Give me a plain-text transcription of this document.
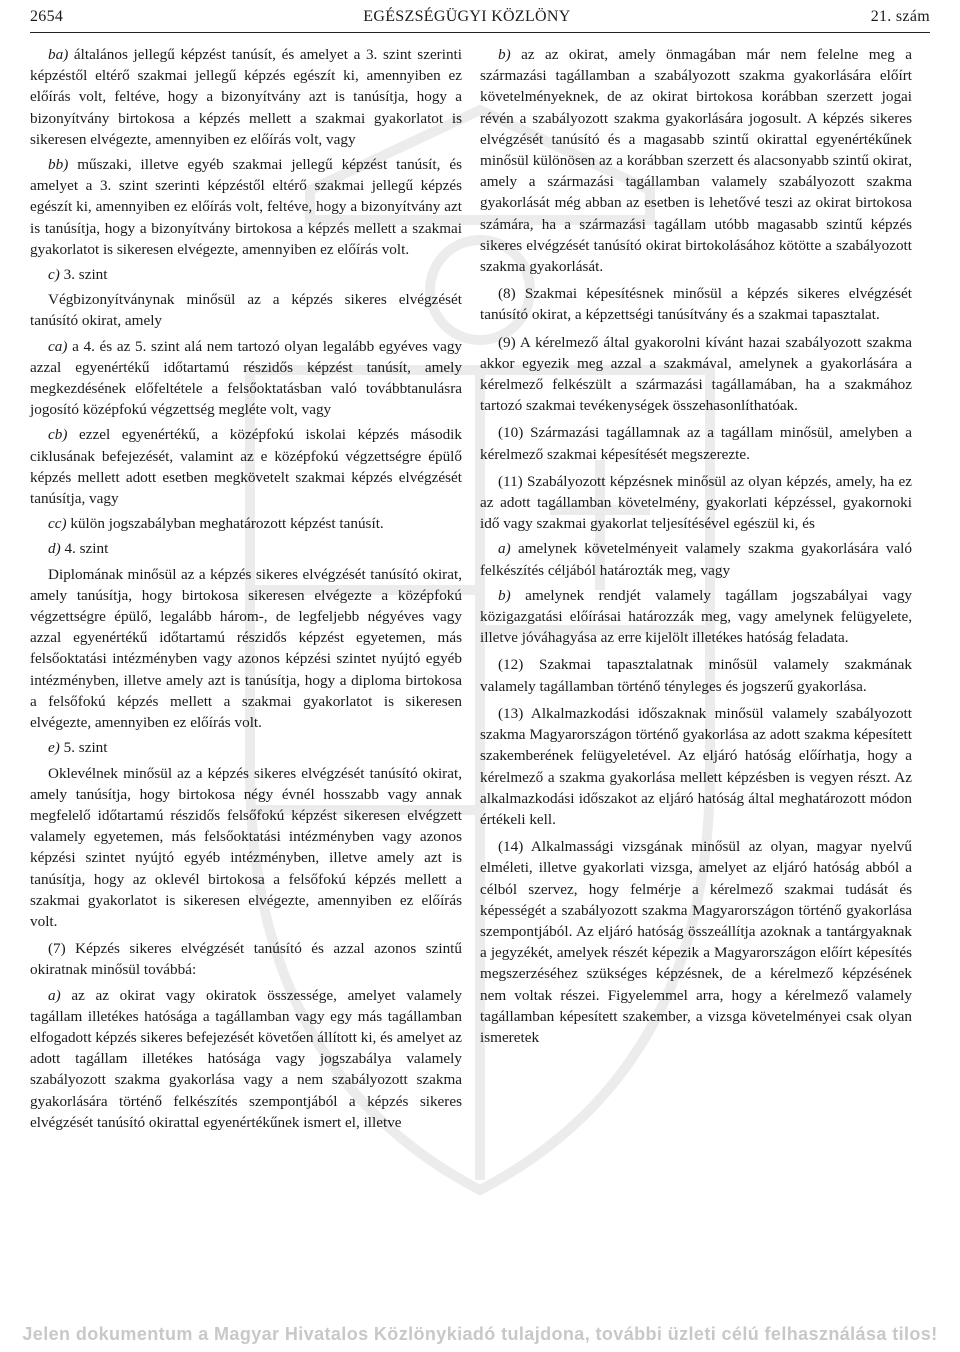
2654	EGÉSZSÉGÜGYI KÖZLÖNY	21. szám

ba) általános jellegű képzést tanúsít, és amelyet a 3. szint szerinti képzéstől eltérő szakmai jellegű képzés egészít ki, amennyiben ez előírás volt, feltéve, hogy a bizonyítvány azt is tanúsítja, hogy a bizonyítvány birtokosa a képzés mellett a szakmai gyakorlatot is sikeresen elvégezte, amennyiben ez előírás volt, vagy

bb) műszaki, illetve egyéb szakmai jellegű képzést tanúsít, és amelyet a 3. szint szerinti képzéstől eltérő szakmai jellegű képzés egészít ki, amennyiben ez előírás volt, feltéve, hogy a bizonyítvány azt is tanúsítja, hogy a bizonyítvány birtokosa a képzés mellett a szakmai gyakorlatot is sikeresen elvégezte, amennyiben ez előírás volt.

c) 3. szint

Végbizonyítványnak minősül az a képzés sikeres elvégzését tanúsító okirat, amely

ca) a 4. és az 5. szint alá nem tartozó olyan legalább egyéves vagy azzal egyenértékű időtartamú részidős képzést tanúsít, amely megkezdésének előfeltétele a felsőoktatásban való továbbtanulásra jogosító középfokú végzettség megléte volt, vagy

cb) ezzel egyenértékű, a középfokú iskolai képzés második ciklusának befejezését, valamint az e középfokú végzettségre épülő képzés mellett adott esetben megkövetelt szakmai képzés elvégzését tanúsítja, vagy

cc) külön jogszabályban meghatározott képzést tanúsít.

d) 4. szint

Diplomának minősül az a képzés sikeres elvégzését tanúsító okirat, amely tanúsítja, hogy birtokosa sikeresen elvégezte a középfokú végzettségre épülő, legalább három-, de legfeljebb négyéves vagy azzal egyenértékű időtartamú részidős képzést egyetemen, más felsőoktatási intézményben vagy azonos képzési szintet nyújtó egyéb intézményben, illetve amely azt is tanúsítja, hogy a diploma birtokosa a felsőfokú képzés mellett a szakmai gyakorlatot is sikeresen elvégezte, amennyiben ez előírás volt.

e) 5. szint

Oklevélnek minősül az a képzés sikeres elvégzését tanúsító okirat, amely tanúsítja, hogy birtokosa négy évnél hosszabb vagy annak megfelelő időtartamú részidős felsőfokú képzést sikeresen elvégzett valamely egyetemen, más felsőoktatási intézményben vagy azonos képzési szintet nyújtó egyéb intézményben, illetve amely azt is tanúsítja, hogy az oklevél birtokosa a felsőfokú képzés mellett a szakmai gyakorlatot is sikeresen elvégezte, amennyiben ez előírás volt.

(7) Képzés sikeres elvégzését tanúsító és azzal azonos szintű okiratnak minősül továbbá:

a) az az okirat vagy okiratok összessége, amelyet valamely tagállam illetékes hatósága a tagállamban vagy egy más tagállamban elfogadott képzés sikeres befejezését követően állított ki, és amelyet az adott tagállam illetékes hatósága vagy jogszabálya valamely szabályozott szakma gyakorlása vagy a nem szabályozott szakma gyakorlására történő felkészítés szempontjából a képzés sikeres elvégzését tanúsító okirattal egyenértékűnek ismert el, illetve

b) az az okirat, amely önmagában már nem felelne meg a származási tagállamban a szabályozott szakma gyakorlására előírt követelményeknek, de az okirat birtokosa korábban szerzett jogai révén a szabályozott szakma gyakorlására jogosult. A képzés sikeres elvégzését tanúsító és a magasabb szintű okirattal egyenértékűnek minősül különösen az a korábban szerzett és alacsonyabb szintű okirat, amely a származási tagállamban valamely szabályozott szakma gyakorlását még abban az esetben is lehetővé teszi az okirat birtokosa számára, ha a származási tagállam utóbb magasabb szintű képzés sikeres elvégzését tanúsító okirat birtokolásához kötötte a szabályozott szakma gyakorlását.

(8) Szakmai képesítésnek minősül a képzés sikeres elvégzését tanúsító okirat, a képzettségi tanúsítvány és a szakmai tapasztalat.

(9) A kérelmező által gyakorolni kívánt hazai szabályozott szakma akkor egyezik meg azzal a szakmával, amelynek a gyakorlására a kérelmező felkészült a származási tagállamában, ha a szakmához tartozó szakmai tevékenységek összehasonlíthatóak.

(10) Származási tagállamnak az a tagállam minősül, amelyben a kérelmező szakmai képesítését megszerezte.

(11) Szabályozott képzésnek minősül az olyan képzés, amely, ha ez az adott tagállamban követelmény, gyakorlati képzéssel, gyakornoki idő vagy szakmai gyakorlat teljesítésével egészül ki, és

a) amelynek követelményeit valamely szakma gyakorlására való felkészítés céljából határozták meg, vagy

b) amelynek rendjét valamely tagállam jogszabályai vagy közigazgatási előírásai határozzák meg, vagy amelynek felügyelete, illetve jóváhagyása az erre kijelölt illetékes hatóság feladata.

(12) Szakmai tapasztalatnak minősül valamely szakmának valamely tagállamban történő tényleges és jogszerű gyakorlása.

(13) Alkalmazkodási időszaknak minősül valamely szabályozott szakma Magyarországon történő gyakorlása az adott szakma képesített szakemberének felügyeletével. Az eljáró hatóság előírhatja, hogy a kérelmező a szakma gyakorlása mellett képzésben is vegyen részt. Az alkalmazkodási időszakot az eljáró hatóság által meghatározott módon értékeli kell.

(14) Alkalmassági vizsgának minősül az olyan, magyar nyelvű elméleti, illetve gyakorlati vizsga, amelyet az eljáró hatóság abból a célból szervez, hogy felmérje a kérelmező szakmai tudását és képességét a szabályozott szakma Magyarországon történő gyakorlása szempontjából. Az eljáró hatóság összeállítja azoknak a tantárgyaknak a jegyzékét, amelyek részét képezik a Magyarországon előírt képesítés megszerzéséhez szükséges képzésnek, de a kérelmező képzésének nem voltak részei. Figyelemmel arra, hogy a kérelmező valamely tagállamban képesített szakember, a vizsga követelményei csak olyan ismeretek

Jelen dokumentum a Magyar Hivatalos Közlönykiadó tulajdona, további üzleti célú felhasználása tilos!
